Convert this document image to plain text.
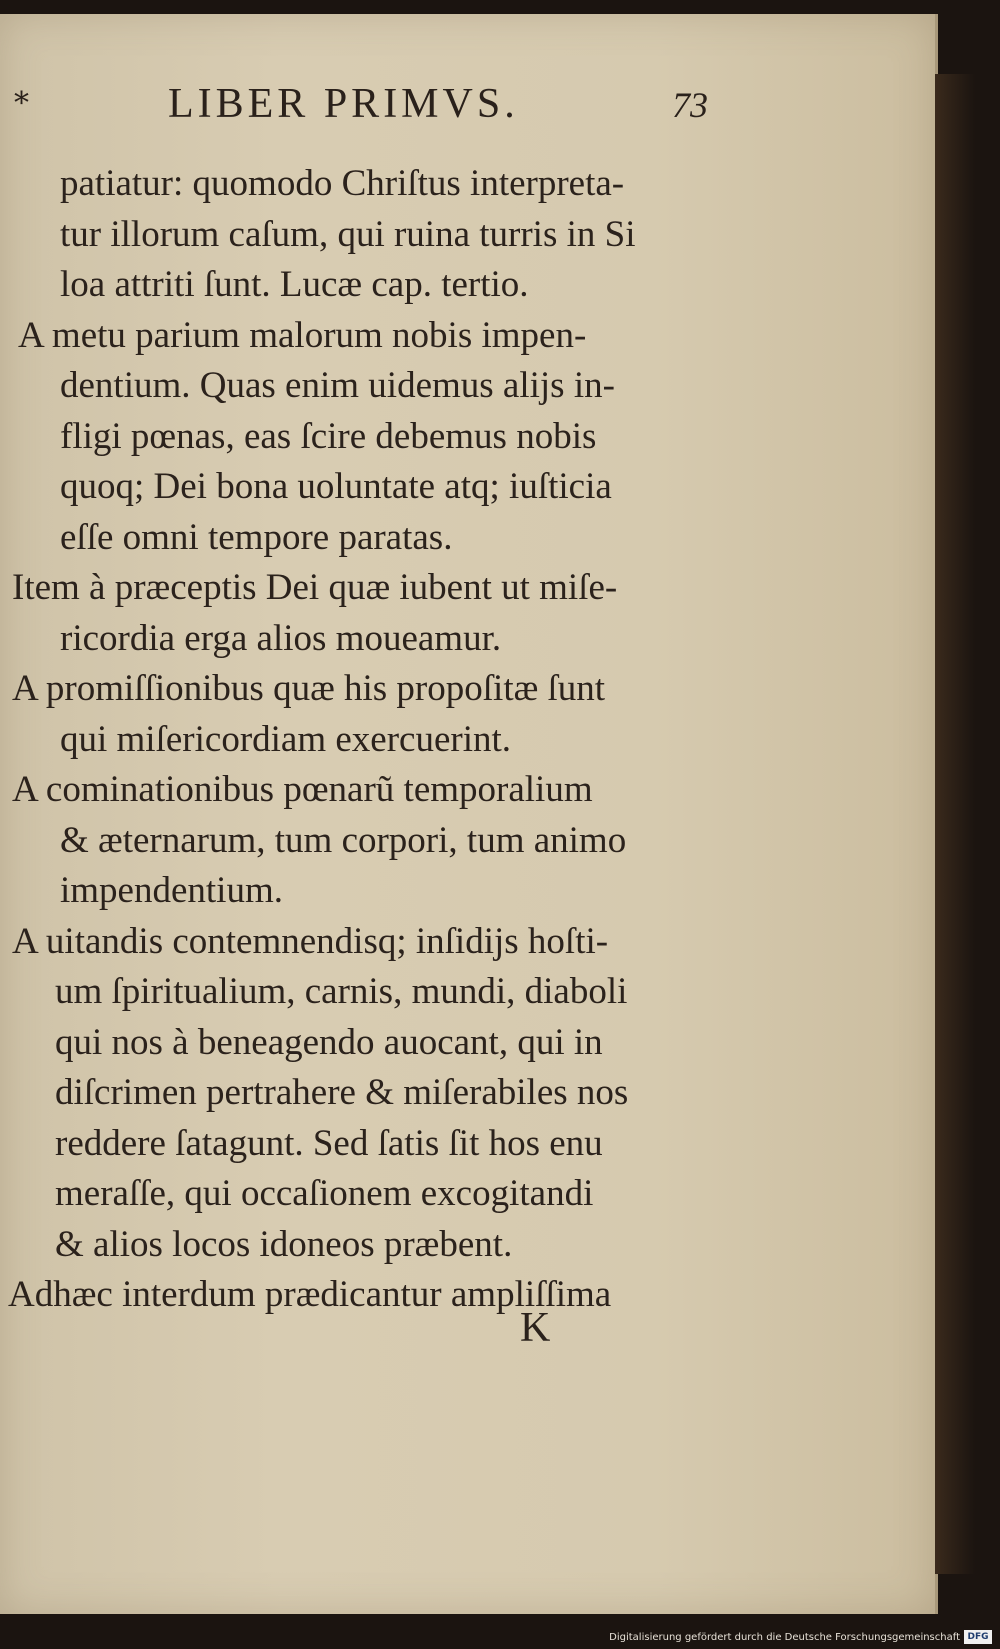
*	LIBER PRIMVS.	73
patiatur: quomodo Chriſtus interpreta-
tur illorum caſum, qui ruina turris in Si
loa attriti ſunt. Lucæ cap. tertio.
A metu parium malorum nobis impen-
dentium. Quas enim uidemus alijs in-
fligi pœnas, eas ſcire debemus nobis
quoq; Dei bona uoluntate atq; iuſticia
eſſe omni tempore paratas.
Item à præceptis Dei quæ iubent ut miſe-
ricordia erga alios moueamur.
A promiſſionibus quæ his propoſitæ ſunt
qui miſericordiam exercuerint.
A cominationibus pœnarũ temporalium
& æternarum, tum corpori, tum animo
impendentium.
A uitandis contemnendisq; inſidijs hoſti-
um ſpiritualium, carnis, mundi, diaboli
qui nos à beneagendo auocant, qui in
diſcrimen pertrahere & miſerabiles nos
reddere ſatagunt. Sed ſatis ſit hos enu
meraſſe, qui occaſionem excogitandi
& alios locos idoneos præbent.
Adhæc interdum prædicantur ampliſſima
K
Digitalisierung gefördert durch die Deutsche Forschungsgemeinschaft DFG
